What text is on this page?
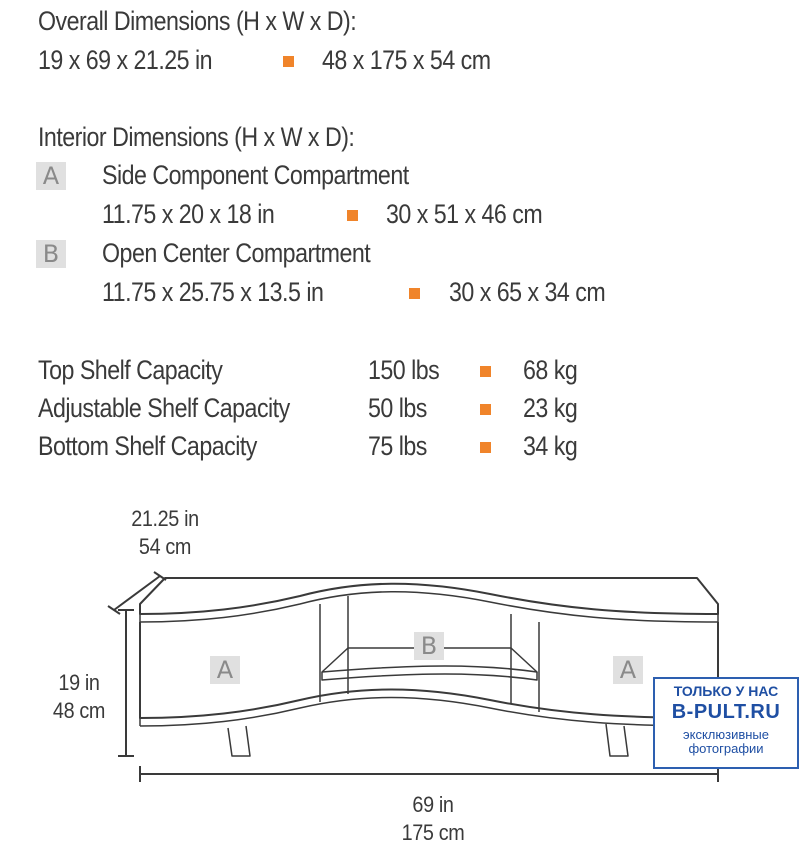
Overall Dimensions (H x W x D):
19 x 69 x 21.25 in	48 x 175 x 54 cm
Interior Dimensions (H x W x D):
A Side Component Compartment
11.75 x 20 x 18 in	30 x 51 x 46 cm
B Open Center Compartment
11.75 x 25.75 x 13.5 in	30 x 65 x 34 cm
Top Shelf Capacity	150 lbs	68 kg
Adjustable Shelf Capacity	50 lbs	23 kg
Bottom Shelf Capacity	75 lbs	34 kg
21.25 in
54 cm
19 in
48 cm
69 in
175 cm
A
B
A
ТОЛЬКО У НАС
B-PULT.RU
эксклюзивные
фотографии
